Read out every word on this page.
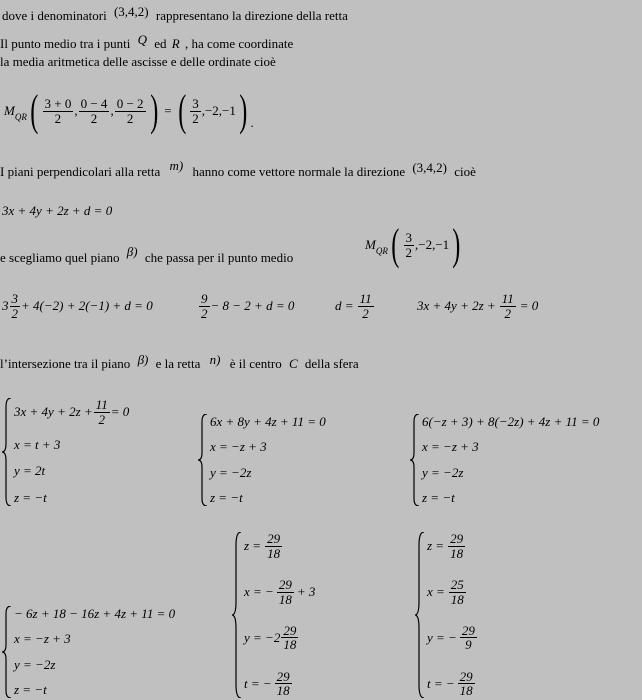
dove i denominatori (3,4,2) rappresentano la direzione della retta
Il punto medio tra i punti Q ed R , ha come coordinate
la media aritmetica delle ascisse e delle ordinate cioè
M QR ( $\frac{3 + 0}{2}$ , $\frac{0 - 4}{2}$ , $\frac{0 - 2}{2}$ ) = ( $\frac{3}{2} ,-2,-1$ ) .
I piani perpendicolari alla retta m) hanno come vettore normale la direzione (3,4,2) cioè
3x + 4y + 2z + d = 0
e scegliamo quel piano β) che passa per il punto medio
M QR ( $\frac{3}{2} ,-2,-1$ )
$3 \frac{3}{2} + 4(-2) + 2(-1) + d = 0$	$\frac{9}{2} - 8 - 2 + d = 0$	$d = \frac{11}{2}$	$3x + 4y + 2z + \frac{11}{2} = 0$
l’intersezione tra il piano β) e la retta n) è il centro C della sfera
$3x + 4y + 2z + \frac{11}{2} = 0$
x = t + 3
y = 2t
z = −t
6x + 8y + 4z + 11 = 0
x = −z + 3
y = −2z
z = −t
6(−z + 3) + 8(−2z) + 4z + 11 = 0
x = −z + 3
y = −2z
z = −t
− 6z + 18 − 16z + 4z + 11 = 0
x = −z + 3
y = −2z
z = −t
$z = \frac{29}{18}$
x = − $\frac{29}{18} + 3$
$y = -2 \frac{29}{18}$
t = − $\frac{29}{18}$
$z = \frac{29}{18}$
$x = \frac{25}{18}$
y = − $\frac{29}{9}$
t = − $\frac{29}{18}$
